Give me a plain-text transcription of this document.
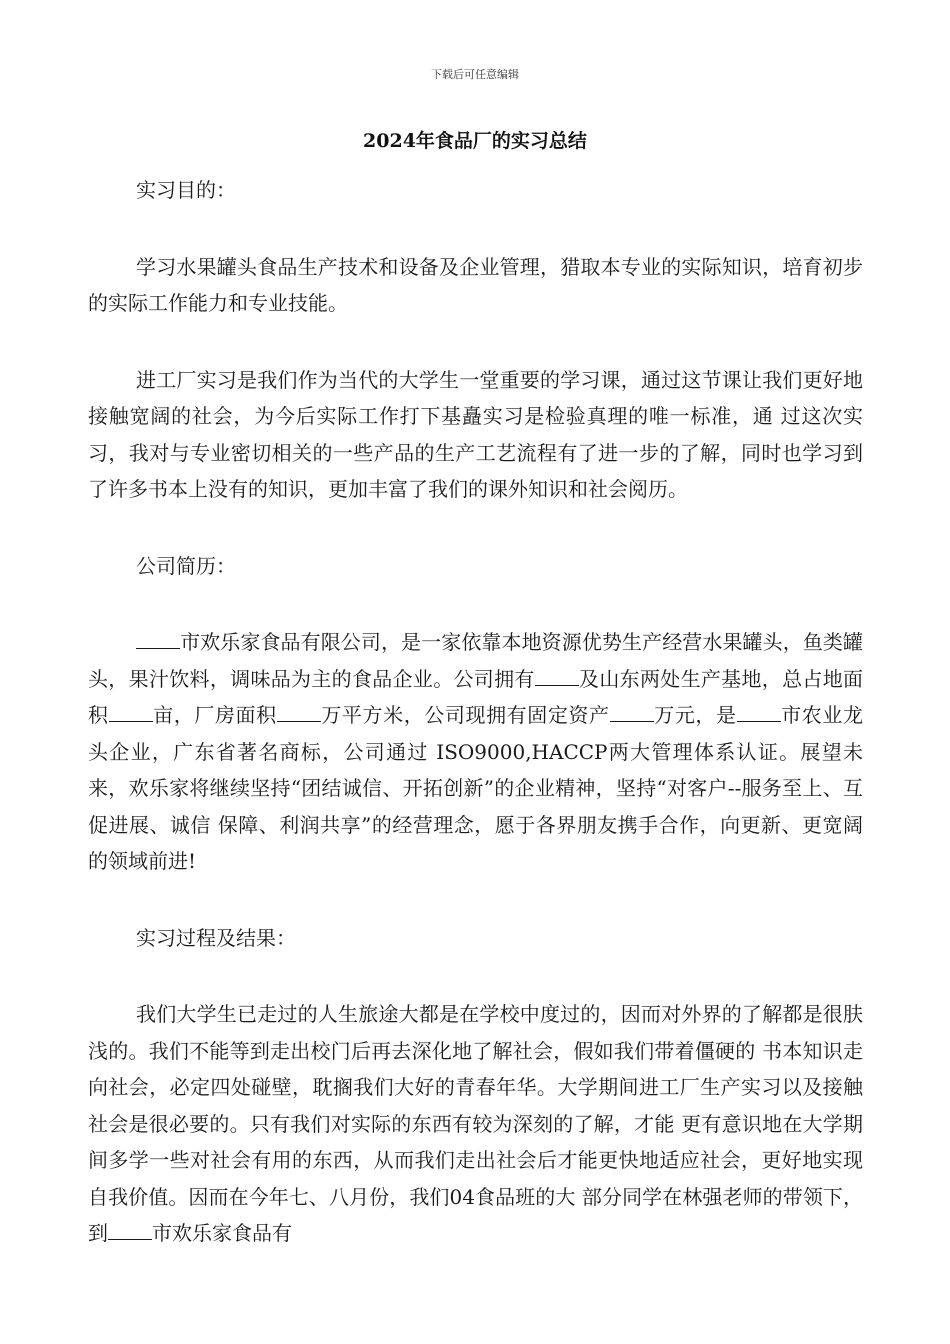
下载后可任意编辑
2024年食品厂的实习总结

实习目的：

学习水果罐头食品生产技术和设备及企业管理，猎取本专业的实际知识，培育初步的实际工作能力和专业技能。

进工厂实习是我们作为当代的大学生一堂重要的学习课，通过这节课让我们更好地接触宽阔的社会，为今后实际工作打下基矗实习是检验真理的唯一标准，通 过这次实习，我对与专业密切相关的一些产品的生产工艺流程有了进一步的了解，同时也学习到了许多书本上没有的知识，更加丰富了我们的课外知识和社会阅历。

公司简历：

市欢乐家食品有限公司，是一家依靠本地资源优势生产经营水果罐头，鱼类罐头，果汁饮料，调味品为主的食品企业。公司拥有 及山东两处生产基地，总占地面积 亩，厂房面积 万平方米，公司现拥有固定资产 万元，是 市农业龙头企业，广东省著名商标，公司通过 ISO9000,HACCP两大管理体系认证。展望未来，欢乐家将继续坚持“团结诚信、开拓创新”的企业精神，坚持“对客户--服务至上、互促进展、诚信 保障、利润共享”的经营理念，愿于各界朋友携手合作，向更新、更宽阔的领域前进!

实习过程及结果：

我们大学生已走过的人生旅途大都是在学校中度过的，因而对外界的了解都是很肤浅的。我们不能等到走出校门后再去深化地了解社会，假如我们带着僵硬的 书本知识走向社会，必定四处碰壁，耽搁我们大好的青春年华。大学期间进工厂生产实习以及接触社会是很必要的。只有我们对实际的东西有较为深刻的了解，才能 更有意识地在大学期间多学一些对社会有用的东西，从而我们走出社会后才能更快地适应社会，更好地实现自我价值。因而在今年七、八月份，我们04食品班的大 部分同学在林强老师的带领下，到 市欢乐家食品有
